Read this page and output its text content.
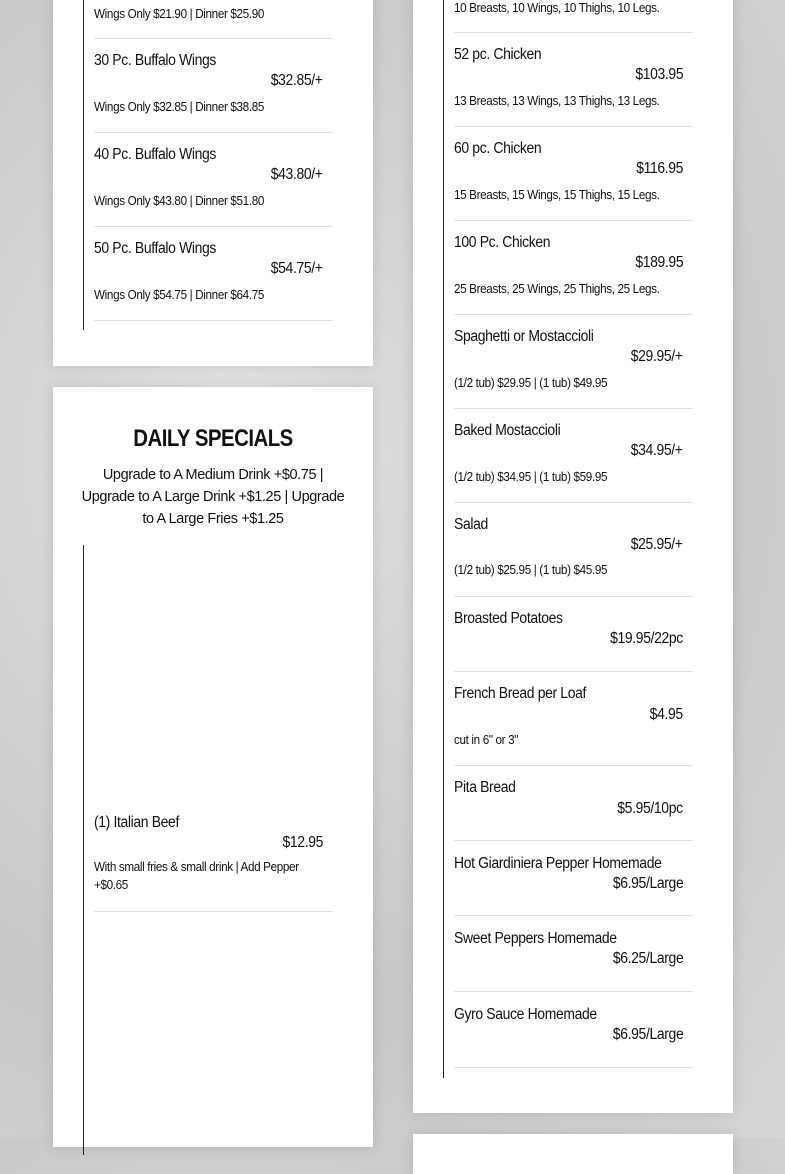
Wings Only $21.90 | Dinner $25.90
30 Pc. Buffalo Wings
$32.85/+
Wings Only $32.85 | Dinner $38.85
40 Pc. Buffalo Wings
$43.80/+
Wings Only $43.80 | Dinner $51.80
50 Pc. Buffalo Wings
$54.75/+
Wings Only $54.75 | Dinner $64.75
DAILY SPECIALS
Upgrade to A Medium Drink +$0.75 | Upgrade to A Large Drink +$1.25 | Upgrade to A Large Fries +$1.25
(1) Italian Beef
$12.95
With small fries & small drink | Add Pepper +$0.65
10 Breasts, 10 Wings, 10 Thighs, 10 Legs.
52 pc. Chicken
$103.95
13 Breasts, 13 Wings, 13 Thighs, 13 Legs.
60 pc. Chicken
$116.95
15 Breasts, 15 Wings, 15 Thighs, 15 Legs.
100 Pc. Chicken
$189.95
25 Breasts, 25 Wings, 25 Thighs, 25 Legs.
Spaghetti or Mostaccioli
$29.95/+
(1/2 tub) $29.95 | (1 tub) $49.95
Baked Mostaccioli
$34.95/+
(1/2 tub) $34.95 | (1 tub) $59.95
Salad
$25.95/+
(1/2 tub) $25.95 | (1 tub) $45.95
Broasted Potatoes
$19.95/22pc
French Bread per Loaf
$4.95
cut in 6" or 3"
Pita Bread
$5.95/10pc
Hot Giardiniera Pepper Homemade
$6.95/Large
Sweet Peppers Homemade
$6.25/Large
Gyro Sauce Homemade
$6.95/Large
